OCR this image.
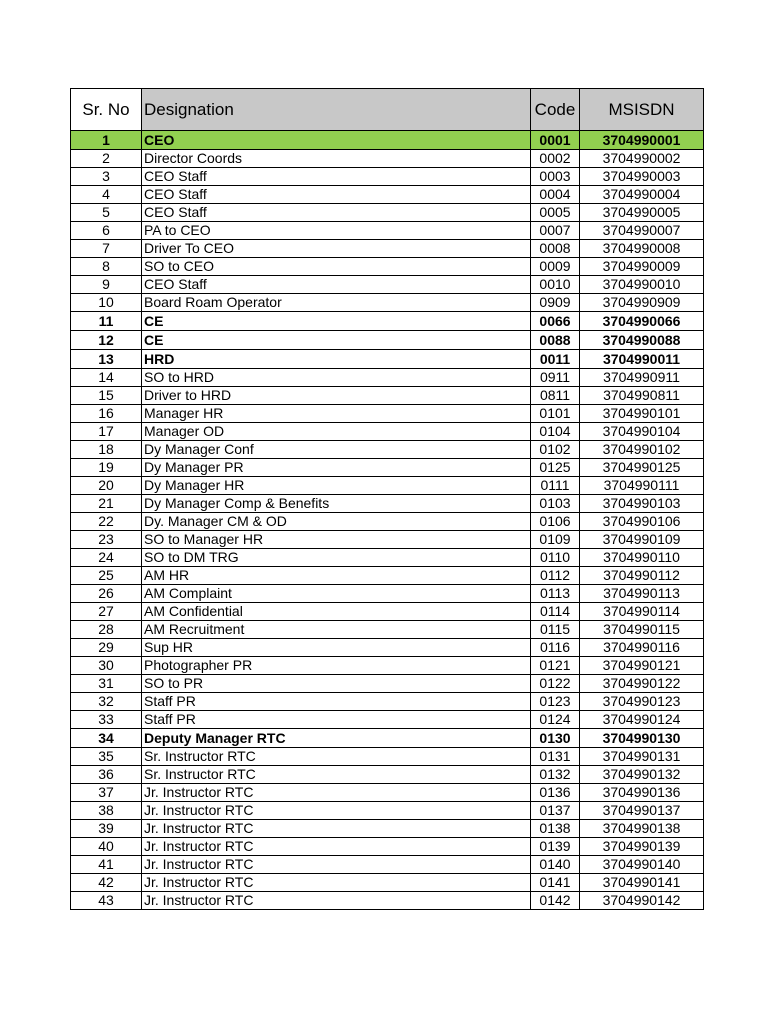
Sr. No	Designation	Code	MSISDN
1	CEO	0001	3704990001
2	Director Coords	0002	3704990002
3	CEO Staff	0003	3704990003
4	CEO Staff	0004	3704990004
5	CEO Staff	0005	3704990005
6	PA to CEO	0007	3704990007
7	Driver To CEO	0008	3704990008
8	SO to CEO	0009	3704990009
9	CEO Staff	0010	3704990010
10	Board Roam Operator	0909	3704990909
11	CE	0066	3704990066
12	CE	0088	3704990088
13	HRD	0011	3704990011
14	SO to HRD	0911	3704990911
15	Driver to HRD	0811	3704990811
16	Manager HR	0101	3704990101
17	Manager OD	0104	3704990104
18	Dy Manager Conf	0102	3704990102
19	Dy Manager PR	0125	3704990125
20	Dy Manager HR	0111	3704990111
21	Dy Manager Comp & Benefits	0103	3704990103
22	Dy. Manager CM & OD	0106	3704990106
23	SO to Manager HR	0109	3704990109
24	SO to DM TRG	0110	3704990110
25	AM HR	0112	3704990112
26	AM Complaint	0113	3704990113
27	AM Confidential	0114	3704990114
28	AM Recruitment	0115	3704990115
29	Sup HR	0116	3704990116
30	Photographer PR	0121	3704990121
31	SO to PR	0122	3704990122
32	Staff PR	0123	3704990123
33	Staff PR	0124	3704990124
34	Deputy Manager RTC	0130	3704990130
35	Sr. Instructor RTC	0131	3704990131
36	Sr. Instructor RTC	0132	3704990132
37	Jr. Instructor RTC	0136	3704990136
38	Jr. Instructor RTC	0137	3704990137
39	Jr. Instructor RTC	0138	3704990138
40	Jr. Instructor RTC	0139	3704990139
41	Jr. Instructor RTC	0140	3704990140
42	Jr. Instructor RTC	0141	3704990141
43	Jr. Instructor RTC	0142	3704990142
